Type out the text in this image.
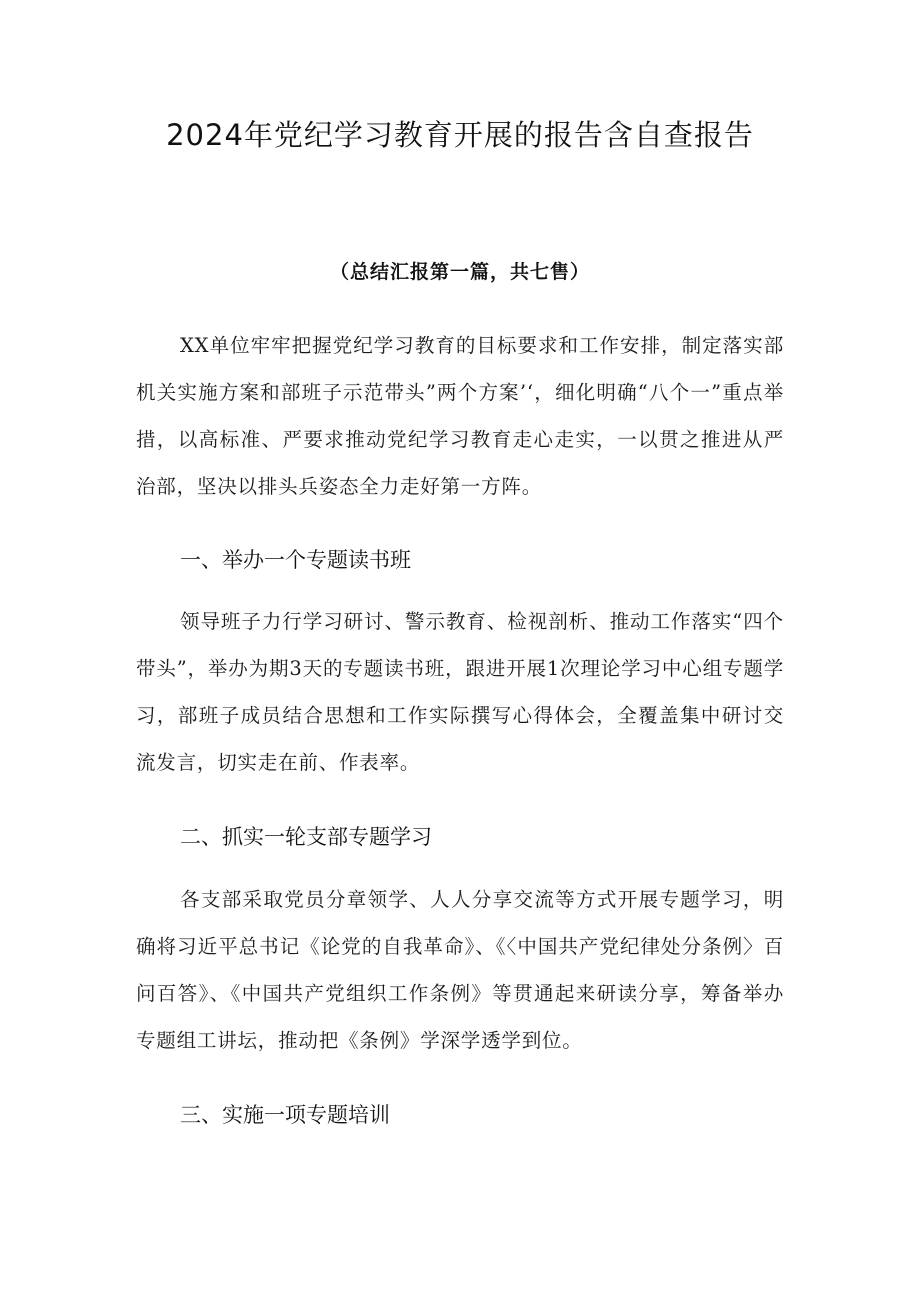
2024年党纪学习教育开展的报告含自查报告
（总结汇报第一篇，共七售）

XX单位牢牢把握党纪学习教育的目标要求和工作安排，制定落实部机关实施方案和部班子示范带头”两个方案’‘，细化明确“八个一”重点举措，以高标准、严要求推动党纪学习教育走心走实，一以贯之推进从严治部，坚决以排头兵姿态全力走好第一方阵。

一、举办一个专题读书班

领导班子力行学习研讨、警示教育、检视剖析、推动工作落实“四个带头”，举办为期3天的专题读书班，跟进开展1次理论学习中心组专题学习，部班子成员结合思想和工作实际撰写心得体会，全覆盖集中研讨交流发言，切实走在前、作表率。

二、抓实一轮支部专题学习

各支部采取党员分章领学、人人分享交流等方式开展专题学习，明确将习近平总书记《论党的自我革命》、《〈中国共产党纪律处分条例〉百问百答》、《中国共产党组织工作条例》等贯通起来研读分享，筹备举办专题组工讲坛，推动把《条例》学深学透学到位。

三、实施一项专题培训
